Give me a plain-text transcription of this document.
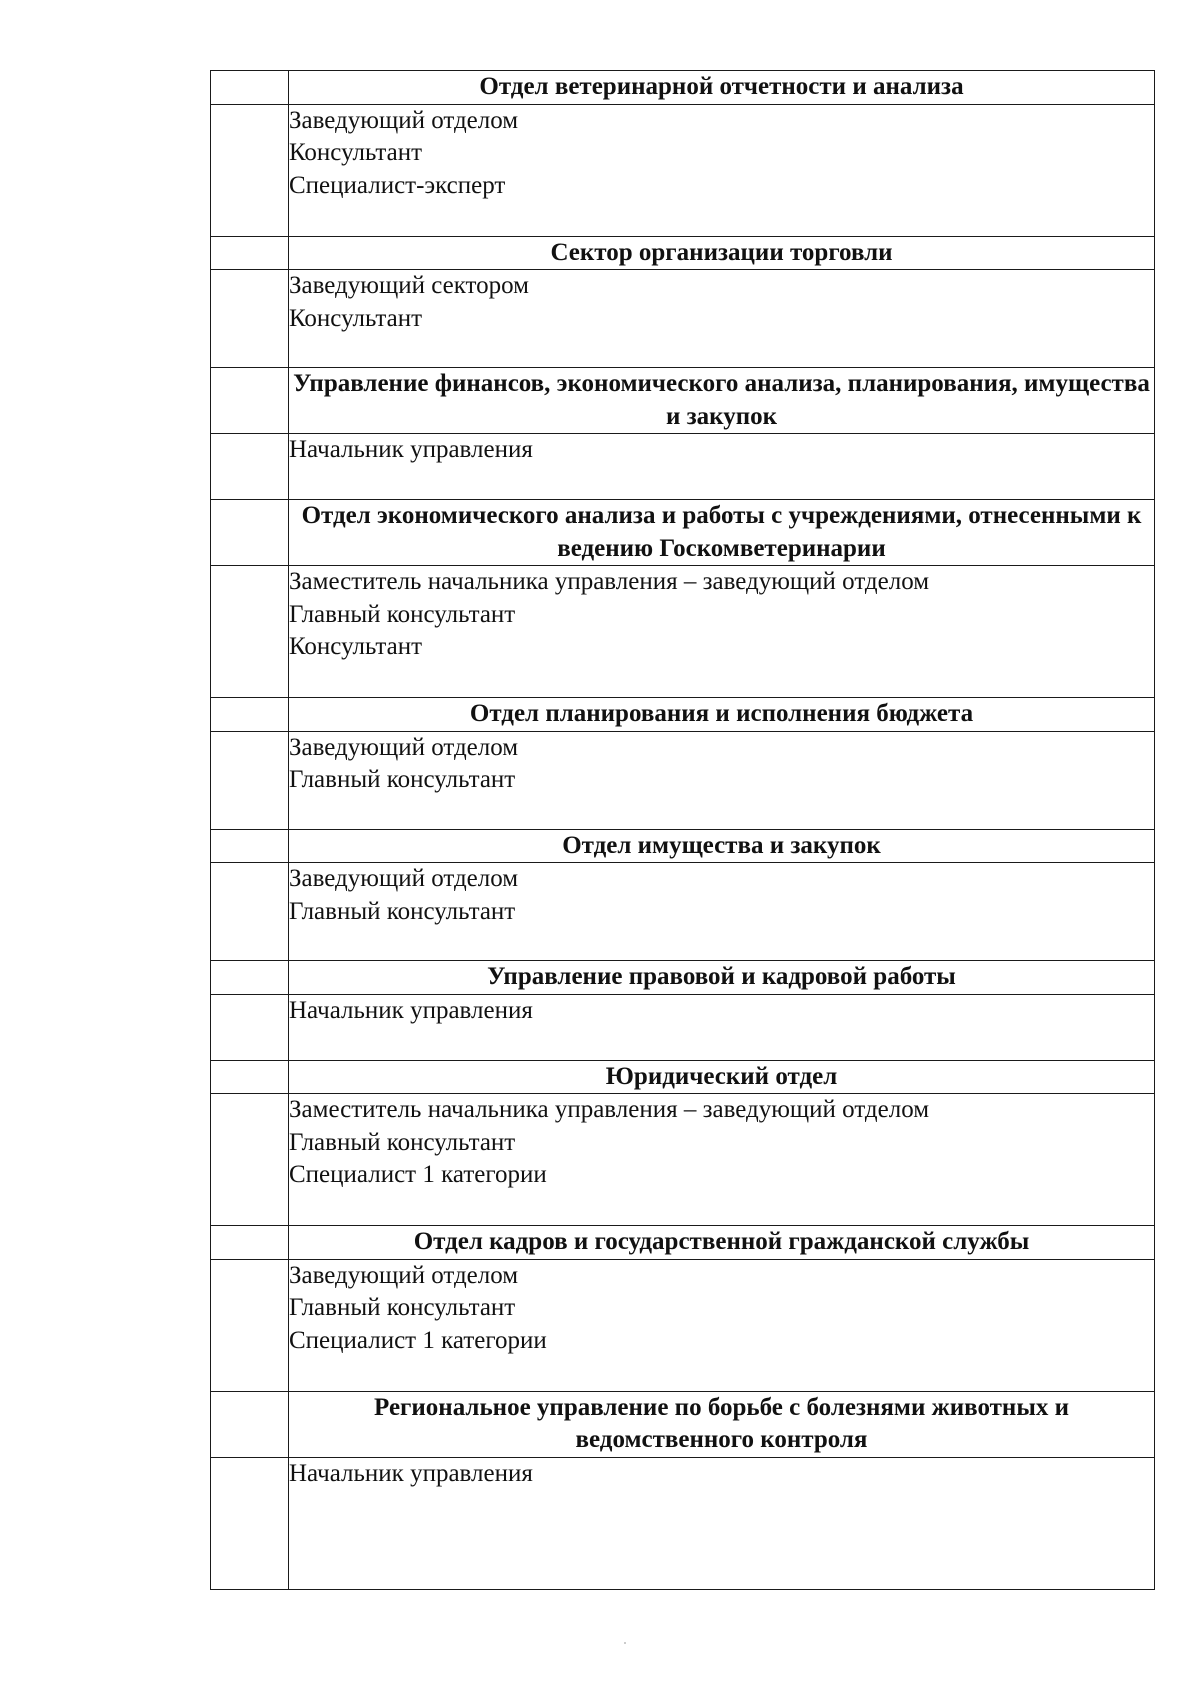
	Отдел ветеринарной отчетности и анализа

	Заведующий отделом
Консультант
Специалист-эксперт

	Сектор организации торговли

	Заведующий сектором
Консультант

	Управление финансов, экономического анализа, планирования, имущества и закупок

	Начальник управления

	Отдел экономического анализа и работы с учреждениями, отнесенными к ведению Госкомветеринарии

	Заместитель начальника управления – заведующий отделом
Главный консультант
Консультант

	Отдел планирования и исполнения бюджета

	Заведующий отделом
Главный консультант

	Отдел имущества и закупок

	Заведующий отделом
Главный консультант

	Управление правовой и кадровой работы

	Начальник управления

	Юридический отдел

	Заместитель начальника управления – заведующий отделом
Главный консультант
Специалист 1 категории

	Отдел кадров и государственной гражданской службы

	Заведующий отделом
Главный консультант
Специалист 1 категории

	Региональное управление по борьбе с болезнями животных и ведомственного контроля

	Начальник управления
